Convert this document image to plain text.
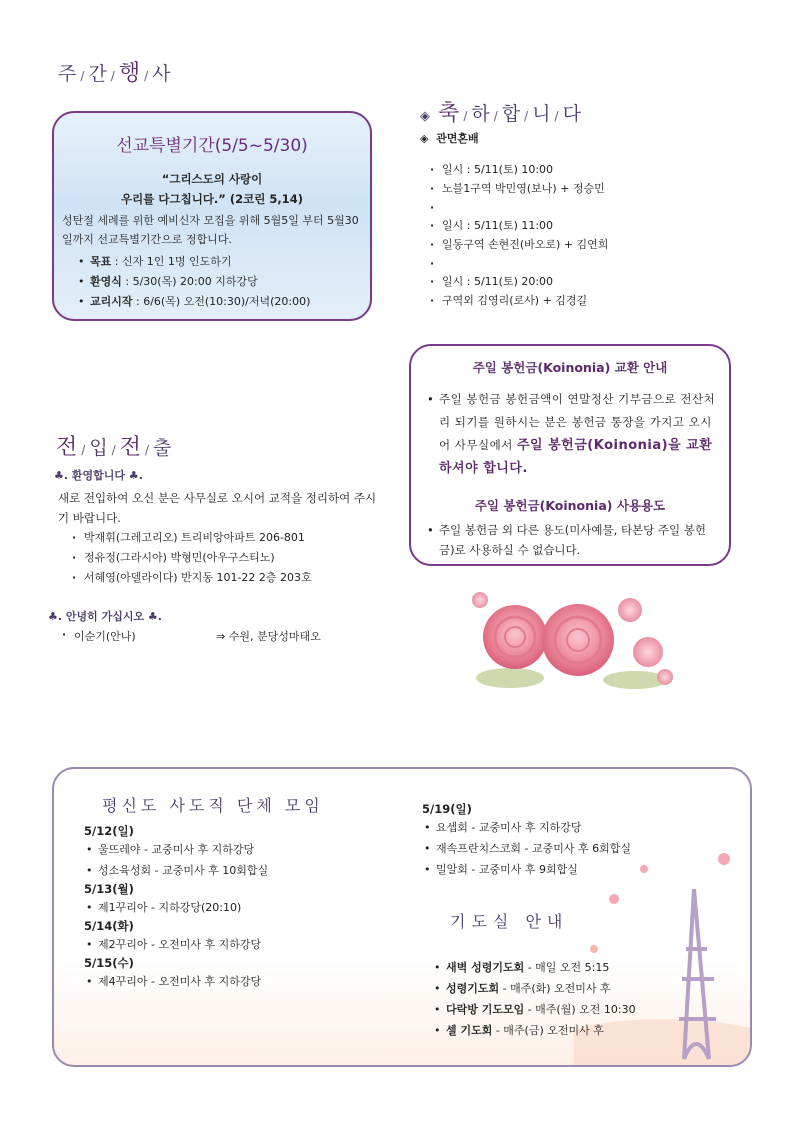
주 / 간 / 행 / 사
선교특별기간(5/5~5/30)
“그리스도의 사랑이
우리를 다그칩니다.” (2코린 5,14)
성탄절 세례를 위한 예비신자 모집을 위해 5월5일 부터 5월30일까지 선교특별기간으로 정합니다.
• 목표 : 신자 1인 1명 인도하기
• 환영식 : 5/30(목) 20:00 지하강당
• 교리시작 : 6/6(목) 오전(10:30)/저녁(20:00)
◈ 축 / 하 / 합 / 니 / 다
◈ 관면혼배
· 일시 : 5/11(토) 10:00
· 노블1구역 박민영(보나) + 정승민
·
· 일시 : 5/11(토) 11:00
· 일동구역 손현진(바오로) + 김연희
·
· 일시 : 5/11(토) 20:00
· 구역외 김영리(로사) + 김경길
주일 봉헌금(Koinonia) 교환 안내
• 주일 봉헌금 봉헌금액이 연말정산 기부금으로 전산처리 되기를 원하시는 분은 봉헌금 통장을 가지고 오시어 사무실에서 주일 봉헌금(Koinonia)을 교환 하셔야 합니다.
주일 봉헌금(Koinonia) 사용용도
• 주일 봉헌금 외 다른 용도(미사예물, 타본당 주일 봉헌금)로 사용하실 수 없습니다.
전 / 입 / 전 / 출
♣. 환영합니다 ♣.
새로 전입하여 오신 분은 사무실로 오시어 교적을 정리하여 주시기 바랍니다.
· 박재휘(그레고리오) 트리비앙아파트 206-801
· 정유정(그라시아) 박형민(아우구스티노)
· 서혜영(아델라이다) 반지동 101-22 2층 203호
♣. 안녕히 가십시오 ♣.
· 이순기(안나)	⇒ 수원, 분당성마태오
평신도 사도직 단체 모임
5/12(일)
• 울뜨레야 - 교중미사 후 지하강당
• 성소육성회 - 교중미사 후 10회합실
5/13(월)
• 제1꾸리아 - 지하강당(20:10)
5/14(화)
• 제2꾸리아 - 오전미사 후 지하강당
5/15(수)
• 제4꾸리아 - 오전미사 후 지하강당
5/19(일)
• 요셉회 - 교중미사 후 지하강당
• 재속프란치스코회 - 교중미사 후 6회합실
• 밀알회 - 교중미사 후 9회합실
기도실 안내
• 새벽 성령기도회 - 매일 오전 5:15
• 성령기도회 - 매주(화) 오전미사 후
• 다락방 기도모임 - 매주(월) 오전 10:30
• 셀 기도회 - 매주(금) 오전미사 후
